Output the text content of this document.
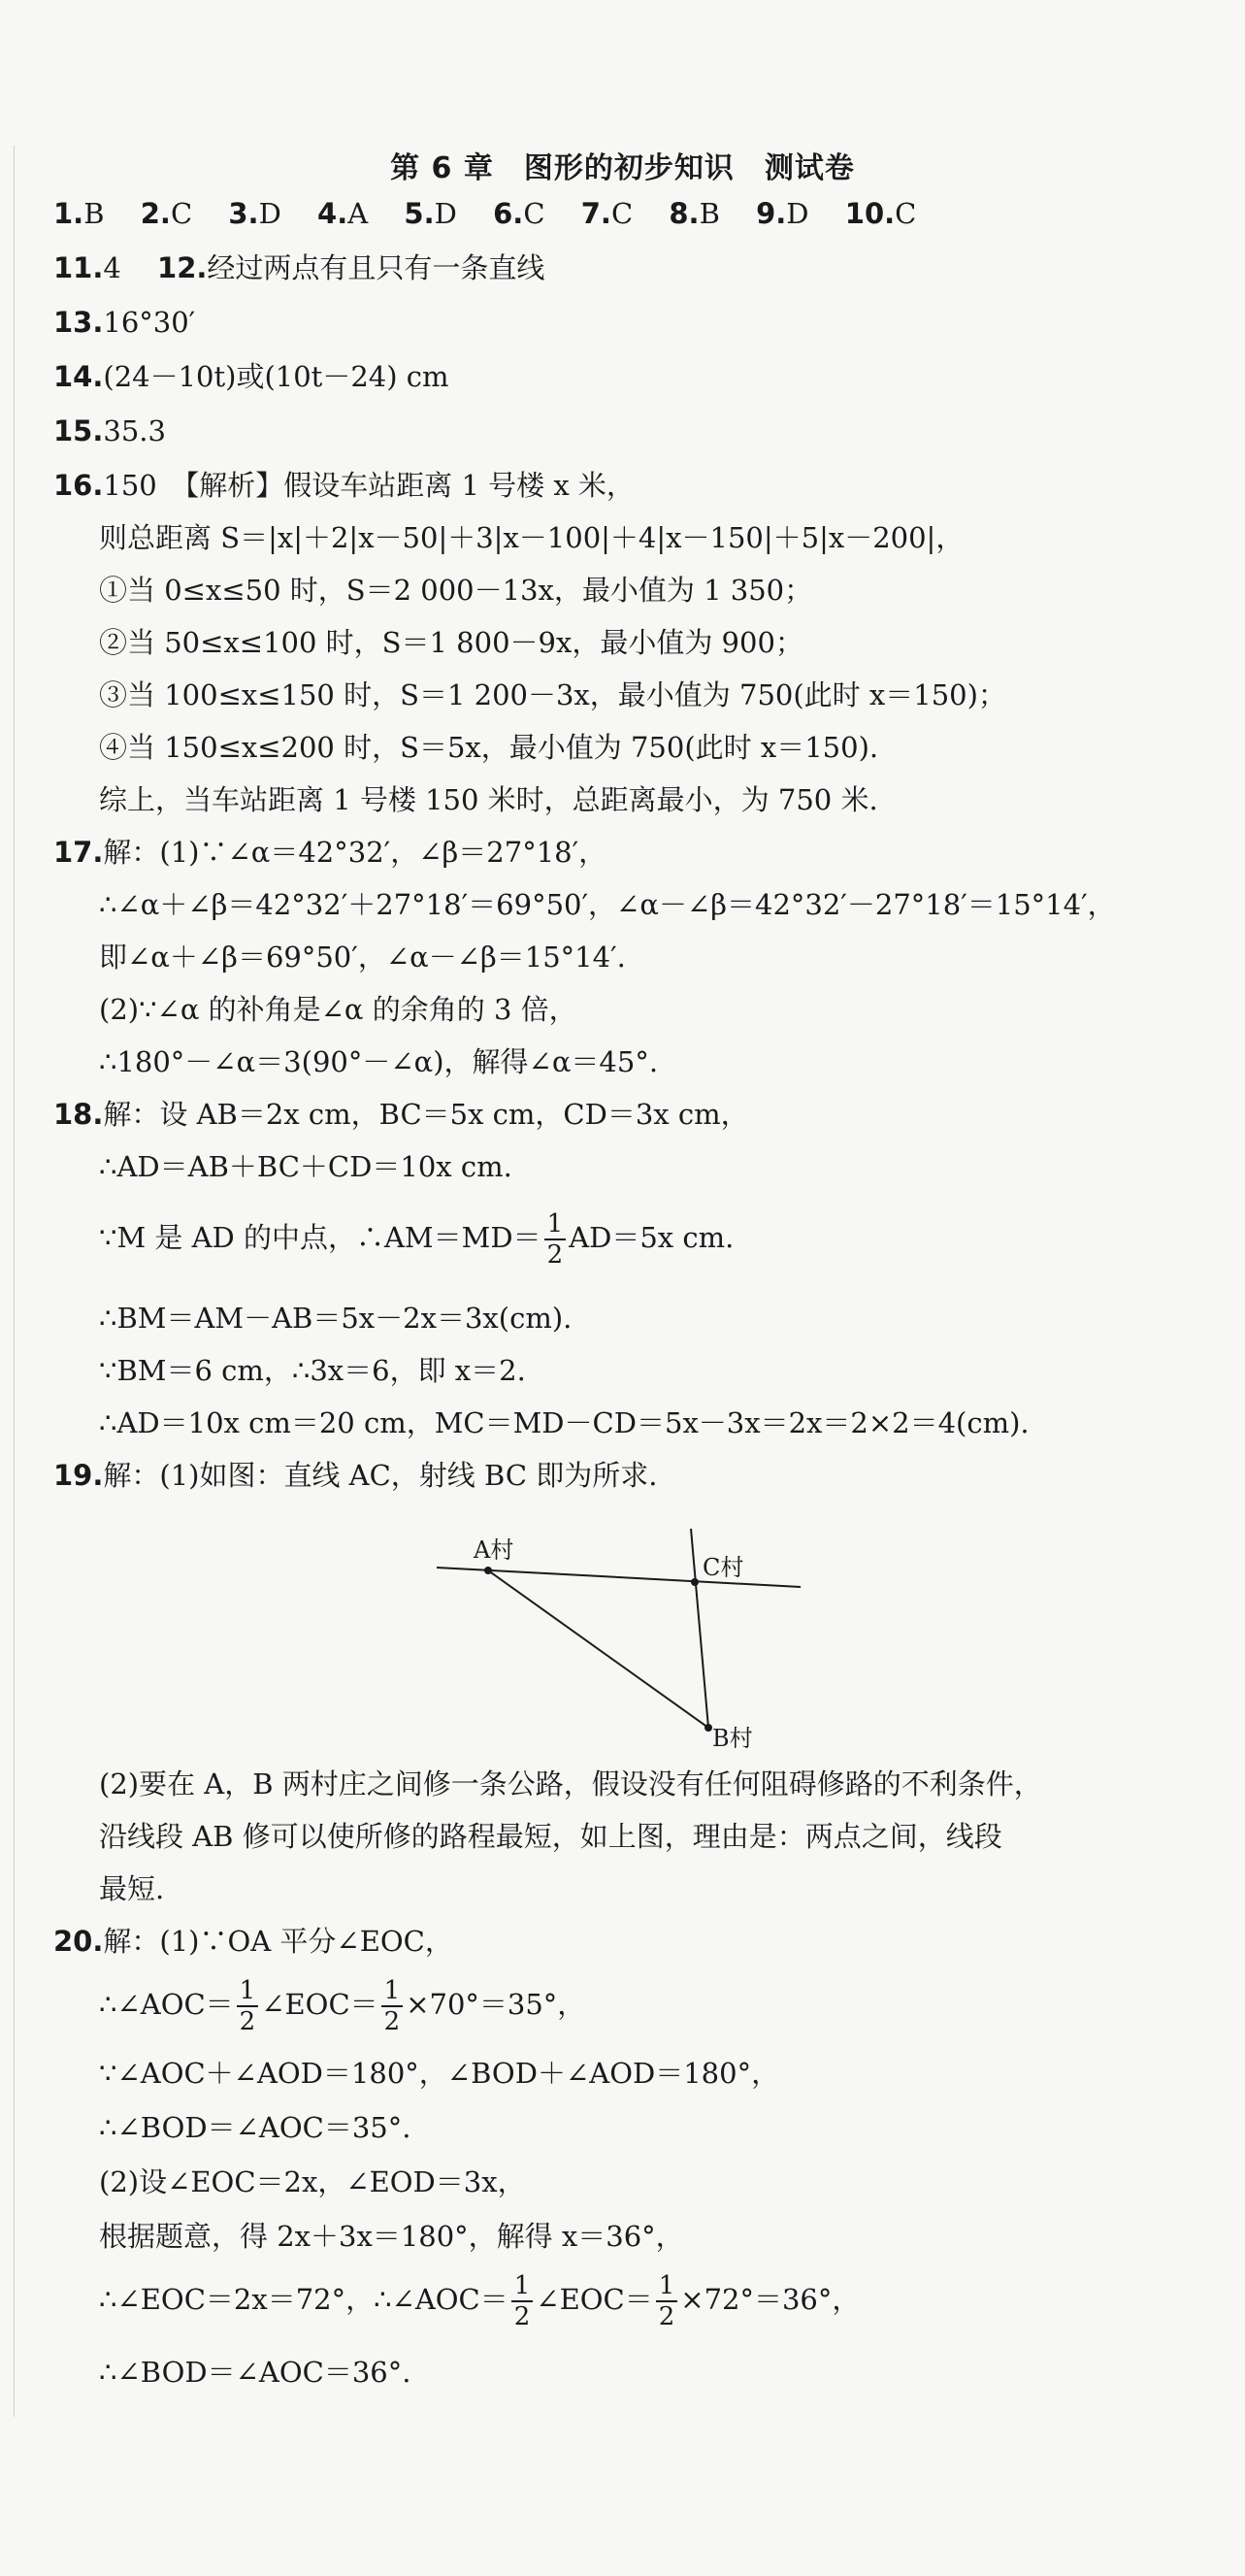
第 6 章　图形的初步知识　测试卷
1.B 2.C 3.D 4.A 5.D 6.C 7.C 8.B 9.D 10.C
11.4 12.经过两点有且只有一条直线
13.16°30′
14.(24－10t)或(10t－24) cm
15.35.3
16.150　【解析】假设车站距离 1 号楼 x 米，
则总距离 S＝|x|＋2|x－50|＋3|x－100|＋4|x－150|＋5|x－200|，
①当 0≤x≤50 时，S＝2 000－13x，最小值为 1 350；
②当 50≤x≤100 时，S＝1 800－9x，最小值为 900；
③当 100≤x≤150 时，S＝1 200－3x，最小值为 750(此时 x＝150)；
④当 150≤x≤200 时，S＝5x，最小值为 750(此时 x＝150).
综上，当车站距离 1 号楼 150 米时，总距离最小，为 750 米.
17.解：(1)∵∠α＝42°32′，∠β＝27°18′，
∴∠α＋∠β＝42°32′＋27°18′＝69°50′，∠α－∠β＝42°32′－27°18′＝15°14′，
即∠α＋∠β＝69°50′，∠α－∠β＝15°14′.
(2)∵∠α 的补角是∠α 的余角的 3 倍，
∴180°－∠α＝3(90°－∠α)，解得∠α＝45°.
18.解：设 AB＝2x cm，BC＝5x cm，CD＝3x cm，
∴AD＝AB＋BC＋CD＝10x cm.
∵M 是 AD 的中点，∴AM＝MD＝ $\frac{1}{2} AD=5x$ cm.
∴BM＝AM－AB＝5x－2x＝3x(cm).
∵BM＝6 cm，∴3x＝6，即 x＝2.
∴AD＝10x cm＝20 cm，MC＝MD－CD＝5x－3x＝2x＝2×2＝4(cm).
19.解：(1)如图：直线 AC，射线 BC 即为所求.
A村
C村
B村
(2)要在 A，B 两村庄之间修一条公路，假设没有任何阻碍修路的不利条件，
沿线段 AB 修可以使所修的路程最短，如上图，理由是：两点之间，线段
最短.
20.解：(1)∵OA 平分∠EOC，
∴∠AOC＝ $\frac{1}{2}$ ∠EOC＝ $\frac{1}{2} \times 70^\circ=35^\circ$，
∵∠AOC＋∠AOD＝180°，∠BOD＋∠AOD＝180°，
∴∠BOD＝∠AOC＝35°.
(2)设∠EOC＝2x，∠EOD＝3x，
根据题意，得 2x＋3x＝180°，解得 x＝36°，
∴∠EOC＝2x＝72°，∴∠AOC＝ $\frac{1}{2}$ ∠EOC＝ $\frac{1}{2} \times 72^\circ=36^\circ$，
∴∠BOD＝∠AOC＝36°.
